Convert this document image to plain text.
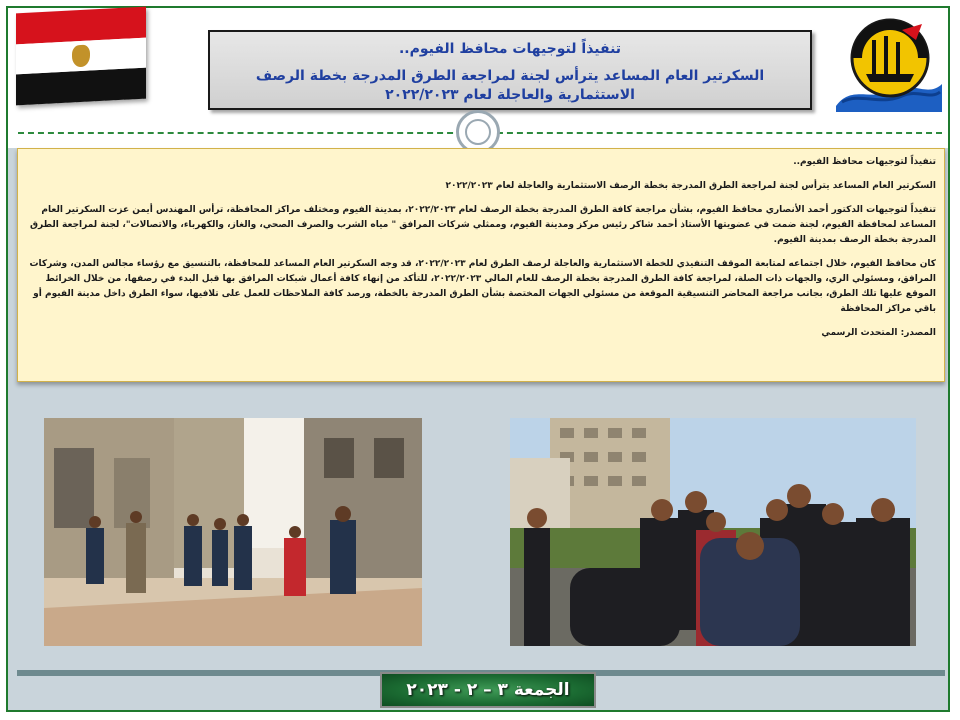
تنفيذاً لتوجيهات محافظ الفيوم..
السكرتير العام المساعد يترأس لجنة لمراجعة الطرق المدرجة بخطة الرصف الاستثمارية والعاجلة لعام ٢٠٢٢/٢٠٢٣

تنفيذاً لتوجيهات محافظ الفيوم..

السكرتير العام المساعد يترأس لجنة لمراجعة الطرق المدرجة بخطة الرصف الاستثمارية والعاجلة لعام ٢٠٢٢/٢٠٢٣

تنفيذاً لتوجيهات الدكتور أحمد الأنصاري محافظ الفيوم، بشأن مراجعة كافة الطرق المدرجة بخطة الرصف لعام ٢٠٢٢/٢٠٢٣، بمدينة الفيوم ومختلف مراكز المحافظة، ترأس المهندس أيمن عزت السكرتير العام المساعد لمحافظة الفيوم، لجنة ضمت في عضويتها الأستاذ أحمد شاكر رئيس مركز ومدينة الفيوم، وممثلي شركات المرافق " مياه الشرب والصرف الصحي، والغاز، والكهرباء، والاتصالات"، لجنة لمراجعة الطرق المدرجة بخطة الرصف بمدينة الفيوم.

كان محافظ الفيوم، خلال اجتماعه لمتابعة الموقف التنفيذي للخطة الاستثمارية والعاجلة لرصف الطرق لعام ٢٠٢٢/٢٠٢٣، قد وجه السكرتير العام المساعد للمحافظة، بالتنسيق مع رؤساء مجالس المدن، وشركات المرافق، ومسئولي الري، والجهات ذات الصلة، لمراجعة كافة الطرق المدرجة بخطة الرصف للعام المالي ٢٠٢٢/٢٠٢٣، للتأكد من إنهاء كافة أعمال شبكات المرافق بها قبل البدء في رصفها، من خلال الخرائط الموقع عليها تلك الطرق، بجانب مراجعة المحاضر التنسيقية الموقعة من مسئولي الجهات المختصة بشأن الطرق المدرجة بالخطة، ورصد كافة الملاحظات للعمل على تلافيها، سواء الطرق داخل مدينة الفيوم أو باقي مراكز المحافظة

المصدر: المتحدث الرسمي

الجمعة ٣ – ٢ - ٢٠٢٣
